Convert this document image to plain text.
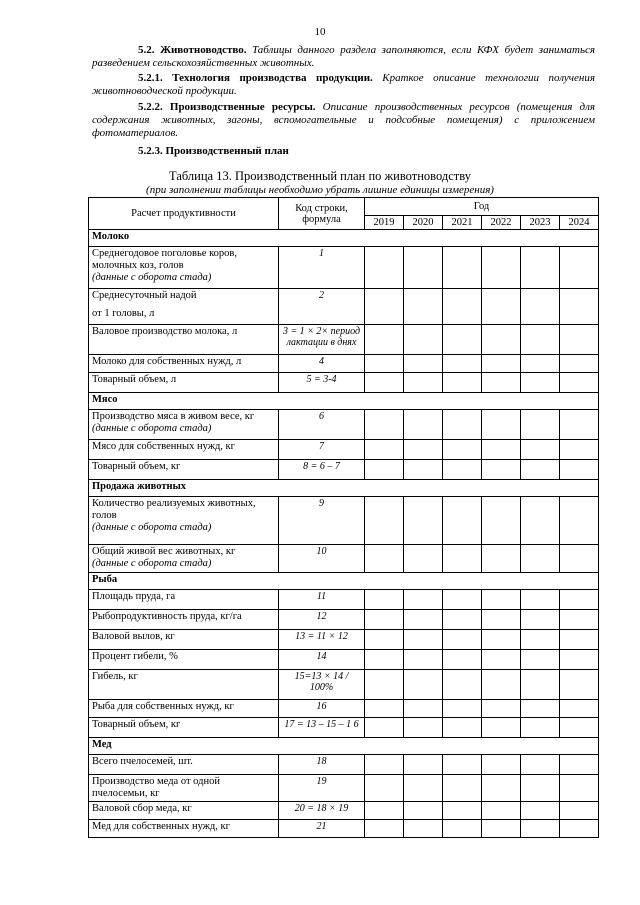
10
5.2. Животноводство. Таблицы данного раздела заполняются, если КФХ будет заниматься разведением сельскохозяйственных животных.
5.2.1. Технология производства продукции. Краткое описание технологии получения животноводческой продукции.
5.2.2. Производственные ресурсы. Описание производственных ресурсов (помещения для содержания животных, загоны, вспомогательные и подсобные помещения) с приложением фотоматериалов.
5.2.3. Производственный план
Таблица 13. Производственный план по животноводству
(при заполнении таблицы необходимо убрать лишние единицы измерения)
Расчет продуктивности	Код строки, формула	Год					
		2019	2020	2021	2022	2023	2024
Молоко							
Среднегодовое поголовье коров, молочных коз, голов
(данные с оборота стада)	1						
Среднесуточный надой
от 1 головы, л	2						
Валовое производство молока, л	3 = 1 × 2× период лактации в днях						
Молоко для собственных нужд, л	4						
Товарный объем, л	5 = 3-4						
Мясо							
Производство мяса в живом весе, кг
(данные с оборота стада)	6						
Мясо для собственных нужд, кг	7						
Товарный объем, кг	8 = 6 – 7						
Продажа животных							
Количество реализуемых животных, голов
(данные с оборота стада)	9						
Общий живой вес животных, кг
(данные с оборота стада)	10						
Рыба							
Площадь пруда, га	11						
Рыбопродуктивность пруда, кг/га	12						
Валовой вылов, кг	13 = 11 × 12						
Процент гибели, %	14						
Гибель, кг	15=13 × 14 / 100%						
Рыба для собственных нужд, кг	16						
Товарный объем, кг	17 = 13 – 15 – 1 6						
Мед							
Всего пчелосемей, шт.	18						
Производство меда от одной пчелосемьи, кг	19						
Валовой сбор меда, кг	20 = 18 × 19						
Мед для собственных нужд, кг	21						
